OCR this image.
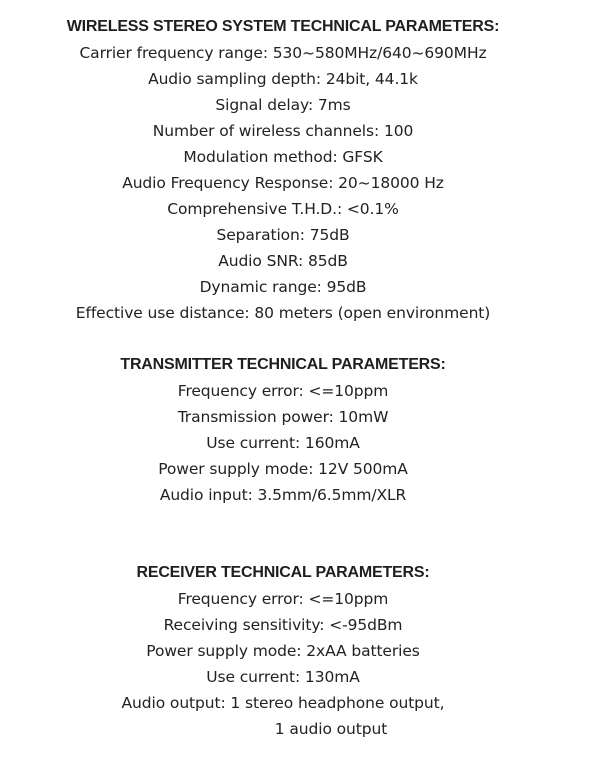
WIRELESS STEREO SYSTEM TECHNICAL PARAMETERS:

Carrier frequency range: 530~580MHz/640~690MHz

Audio sampling depth: 24bit, 44.1k

Signal delay: 7ms

Number of wireless channels: 100

Modulation method: GFSK

Audio Frequency Response: 20~18000 Hz

Comprehensive T.H.D.: <0.1%

Separation: 75dB

Audio SNR: 85dB

Dynamic range: 95dB

Effective use distance: 80 meters (open environment)

TRANSMITTER TECHNICAL PARAMETERS:

Frequency error: <=10ppm

Transmission power: 10mW

Use current: 160mA

Power supply mode: 12V 500mA

Audio input: 3.5mm/6.5mm/XLR

RECEIVER TECHNICAL PARAMETERS:

Frequency error: <=10ppm

Receiving sensitivity: <-95dBm

Power supply mode: 2xAA batteries

Use current: 130mA

Audio output: 1 stereo headphone output,

1 audio output
